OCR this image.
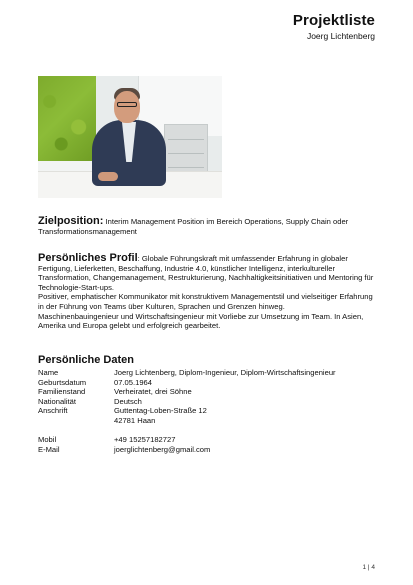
Projektliste
Joerg Lichtenberg
Zielposition: Interim Management Position im Bereich Operations, Supply Chain oder Transformationsmanagement

Persönliches Profil: Globale Führungskraft mit umfassender Erfahrung in globaler Fertigung, Lieferketten, Beschaffung, Industrie 4.0, künstlicher Intelligenz, interkultureller Transformation, Changemanagement, Restrukturierung, Nachhaltigkeitsinitiativen und Mentoring für Technologie-Start-ups.

Positiver, emphatischer Kommunikator mit konstruktivem Managementstil und vielseitiger Erfahrung in der Führung von Teams über Kulturen, Sprachen und Grenzen hinweg.

Maschinenbauingenieur und Wirtschaftsingenieur mit Vorliebe zur Umsetzung im Team. In Asien, Amerika und Europa gelebt und erfolgreich gearbeitet.

Persönliche Daten
Name	Joerg Lichtenberg, Diplom-Ingenieur, Diplom-Wirtschaftsingenieur
Geburtsdatum	07.05.1964
Familienstand	Verheiratet, drei Söhne
Nationalität	Deutsch
Anschrift	Guttentag-Loben-Straße 12
42781 Haan
Mobil	+49 15257182727
E-Mail	joerglichtenberg@gmail.com
1 | 4
